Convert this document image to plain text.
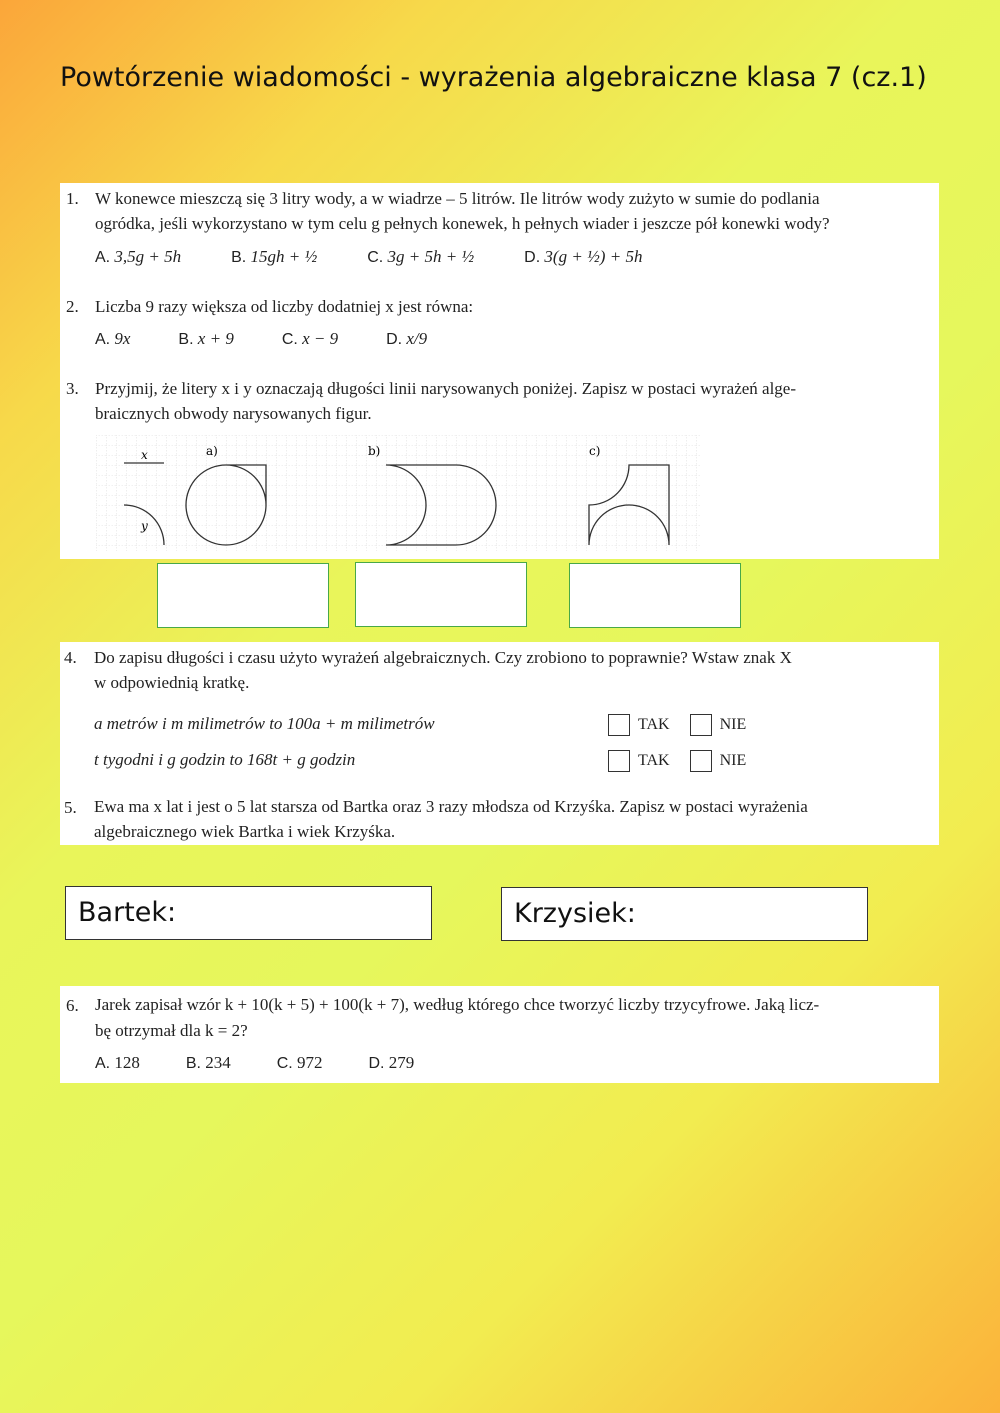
Powtórzenie wiadomości - wyrażenia algebraiczne klasa 7 (cz.1)
1. W konewce mieszczą się 3 litry wody, a w wiadrze – 5 litrów. Ile litrów wody zużyto w sumie do podlania
ogródka, jeśli wykorzystano w tym celu g pełnych konewek, h pełnych wiader i jeszcze pół konewki wody?
A. 3,5g + 5h	B. 15gh + ½	C. 3g + 5h + ½	D. 3(g + ½) + 5h
2. Liczba 9 razy większa od liczby dodatniej x jest równa:
A. 9x	B. x + 9	C. x − 9	D. x/9
3. Przyjmij, że litery x i y oznaczają długości linii narysowanych poniżej. Zapisz w postaci wyrażeń alge-
braicznych obwody narysowanych figur.
x
y
a)	b)	c)
4. Do zapisu długości i czasu użyto wyrażeń algebraicznych. Czy zrobiono to poprawnie? Wstaw znak X
w odpowiednią kratkę.
a metrów i m milimetrów to 100a + m milimetrów	TAK	NIE
t tygodni i g godzin to 168t + g godzin	TAK	NIE
5. Ewa ma x lat i jest o 5 lat starsza od Bartka oraz 3 razy młodsza od Krzyśka. Zapisz w postaci wyrażenia
algebraicznego wiek Bartka i wiek Krzyśka.
Bartek:	Krzysiek:
6. Jarek zapisał wzór k + 10(k + 5) + 100(k + 7), według którego chce tworzyć liczby trzycyfrowe. Jaką licz-
bę otrzymał dla k = 2?
A. 128	B. 234	C. 972	D. 279
